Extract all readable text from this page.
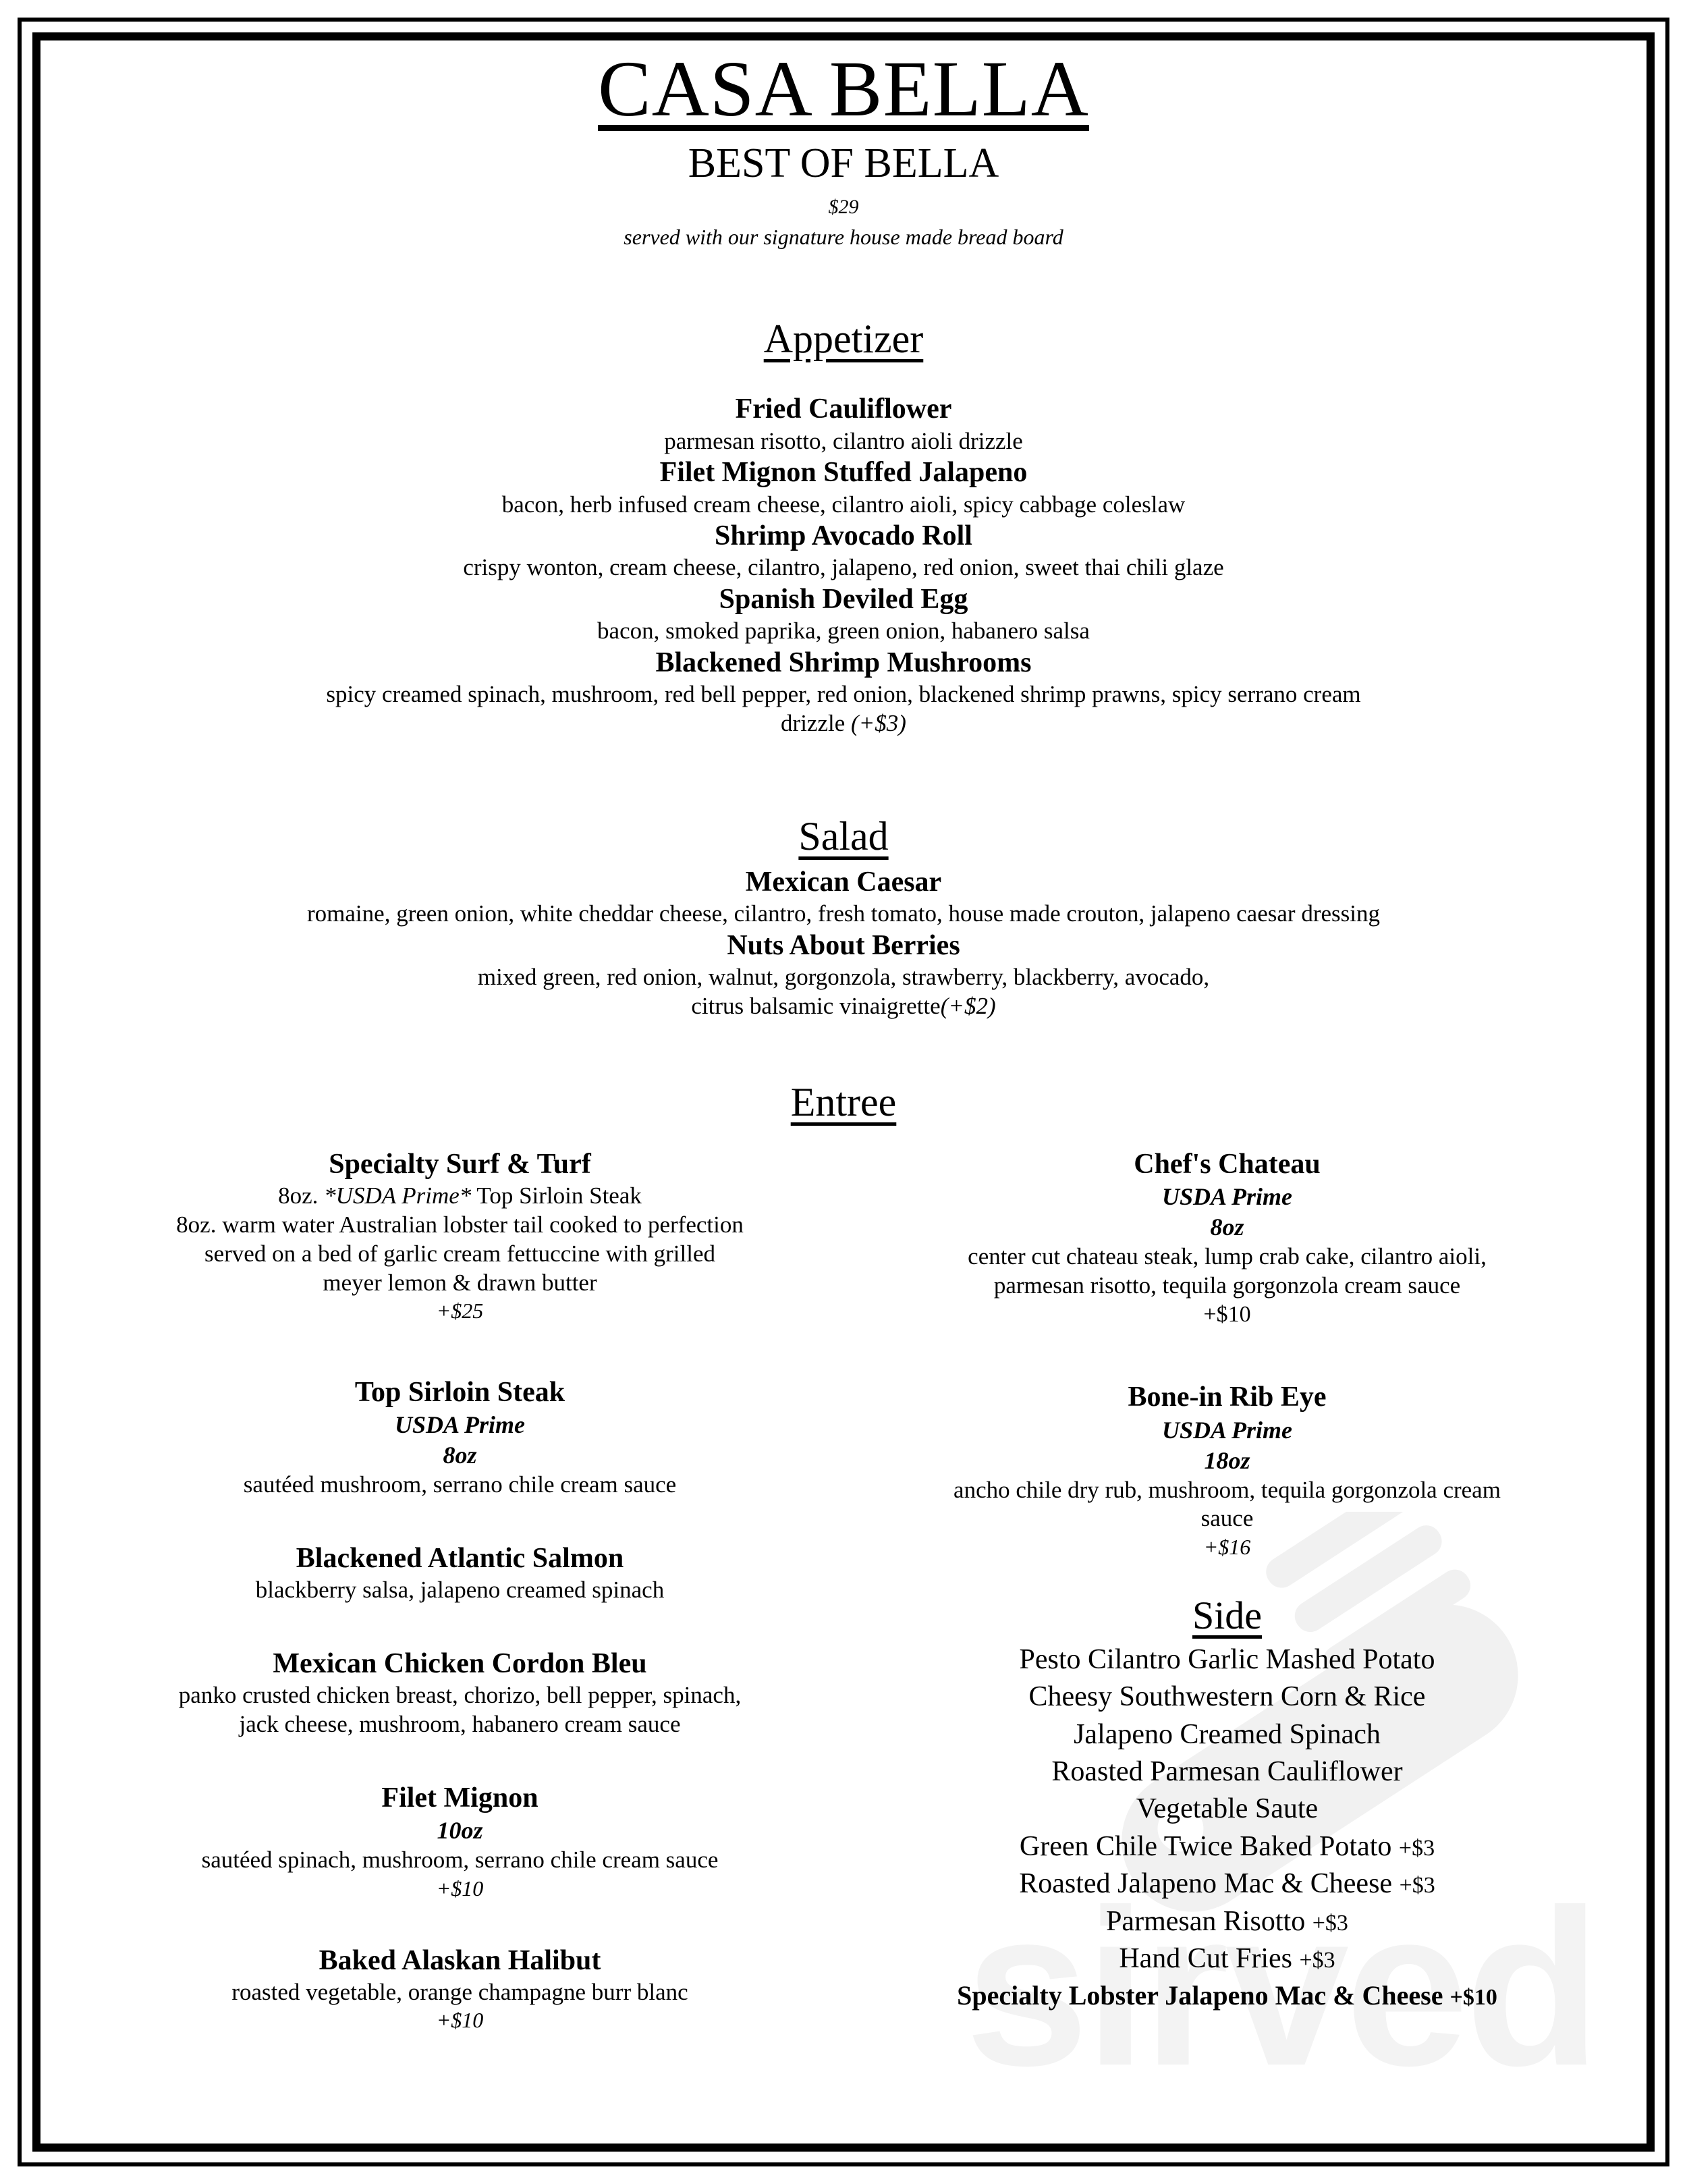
CASA BELLA
BEST OF BELLA
$29
served with our signature house made bread board
Appetizer
Fried Cauliflower
parmesan risotto, cilantro aioli drizzle
Filet Mignon Stuffed Jalapeno
bacon, herb infused cream cheese, cilantro aioli, spicy cabbage coleslaw
Shrimp Avocado Roll
crispy wonton, cream cheese, cilantro, jalapeno, red onion, sweet thai chili glaze
Spanish Deviled Egg
bacon, smoked paprika, green onion, habanero salsa
Blackened Shrimp Mushrooms
spicy creamed spinach, mushroom, red bell pepper, red onion, blackened shrimp prawns, spicy serrano cream
drizzle (+$3)
Salad
Mexican Caesar
romaine, green onion, white cheddar cheese, cilantro, fresh tomato, house made crouton, jalapeno caesar dressing
Nuts About Berries
mixed green, red onion, walnut, gorgonzola, strawberry, blackberry, avocado,
citrus balsamic vinaigrette(+$2)
Entree
Specialty Surf & Turf
8oz. *USDA Prime* Top Sirloin Steak
8oz. warm water Australian lobster tail cooked to perfection
served on a bed of garlic cream fettuccine with grilled
meyer lemon & drawn butter
+$25
Top Sirloin Steak
USDA Prime
8oz
sautéed mushroom, serrano chile cream sauce
Blackened Atlantic Salmon
blackberry salsa, jalapeno creamed spinach
Mexican Chicken Cordon Bleu
panko crusted chicken breast, chorizo, bell pepper, spinach,
jack cheese, mushroom, habanero cream sauce
Filet Mignon
10oz
sautéed spinach, mushroom, serrano chile cream sauce
+$10
Baked Alaskan Halibut
roasted vegetable, orange champagne burr blanc
+$10
Chef's Chateau
USDA Prime
8oz
center cut chateau steak, lump crab cake, cilantro aioli,
parmesan risotto, tequila gorgonzola cream sauce
+$10
Bone-in Rib Eye
USDA Prime
18oz
ancho chile dry rub, mushroom, tequila gorgonzola cream
sauce
+$16
Side
Pesto Cilantro Garlic Mashed Potato
Cheesy Southwestern Corn & Rice
Jalapeno Creamed Spinach
Roasted Parmesan Cauliflower
Vegetable Saute
Green Chile Twice Baked Potato +$3
Roasted Jalapeno Mac & Cheese +$3
Parmesan Risotto +$3
Hand Cut Fries +$3
Specialty Lobster Jalapeno Mac & Cheese +$10
